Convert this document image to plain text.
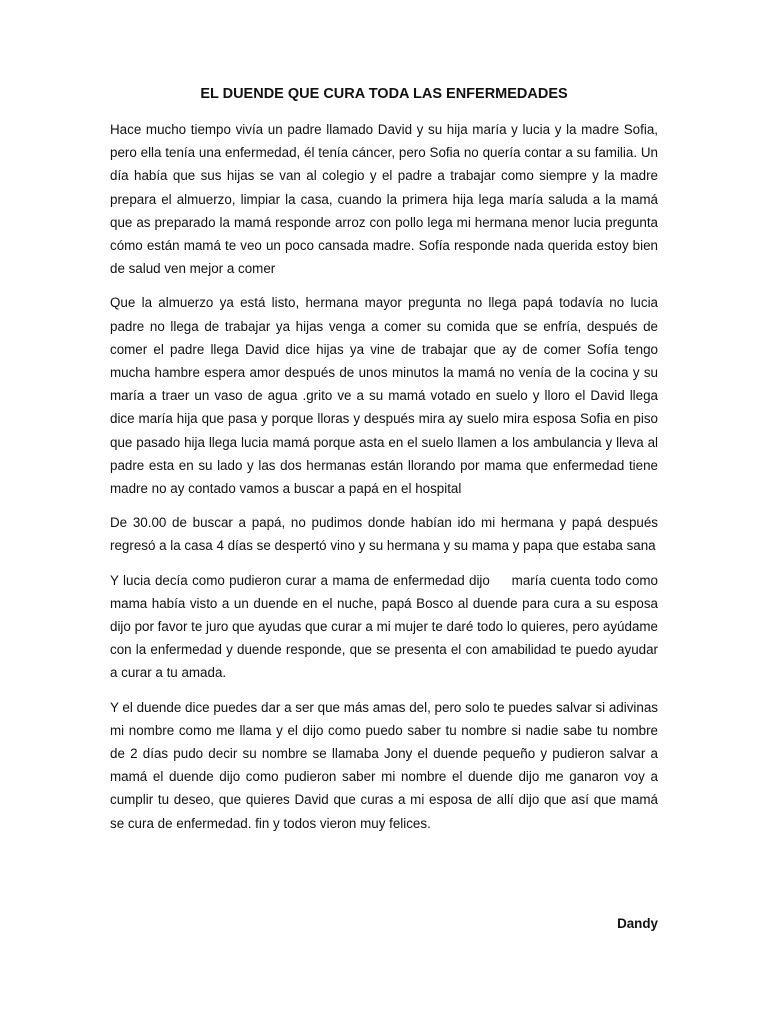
EL DUENDE QUE CURA TODA LAS ENFERMEDADES

Hace mucho tiempo vivía un padre llamado David y su hija maría y lucia y la madre Sofia, pero ella tenía una enfermedad, él tenía cáncer, pero Sofia no quería contar a su familia. Un día había que sus hijas se van al colegio y el padre a trabajar como siempre y la madre prepara el almuerzo, limpiar la casa, cuando la primera hija lega maría saluda a la mamá que as preparado la mamá responde arroz con pollo lega mi hermana menor lucia pregunta cómo están mamá te veo un poco cansada madre. Sofía responde nada querida estoy bien de salud ven mejor a comer

Que la almuerzo ya está listo, hermana mayor pregunta no llega papá todavía no lucia padre no llega de trabajar ya hijas venga a comer su comida que se enfría, después de comer el padre llega David dice hijas ya vine de trabajar que ay de comer Sofía tengo mucha hambre espera amor después de unos minutos la mamá no venía de la cocina y su maría a traer un vaso de agua .grito ve a su mamá votado en suelo y lloro el David llega dice maría hija que pasa y porque lloras y después mira ay suelo mira esposa Sofia en piso que pasado hija llega lucia mamá porque asta en el suelo llamen a los ambulancia y lleva al padre esta en su lado y las dos hermanas están llorando por mama que enfermedad tiene madre no ay contado vamos a buscar a papá en el hospital

De 30.00 de buscar a papá, no pudimos donde habían ido mi hermana y papá después regresó a la casa 4 días se despertó vino y su hermana y su mama y papa que estaba sana

Y lucia decía como pudieron curar a mama de enfermedad dijo     maría cuenta todo como mama había visto a un duende en el nuche, papá Bosco al duende para cura a su esposa dijo por favor te juro que ayudas que curar a mi mujer te daré todo lo quieres, pero ayúdame con la enfermedad y duende responde, que se presenta el con amabilidad te puedo ayudar a curar a tu amada.

Y el duende dice puedes dar a ser que más amas del, pero solo te puedes salvar si adivinas mi nombre como me llama y el dijo como puedo saber tu nombre si nadie sabe tu nombre de 2 días pudo decir su nombre se llamaba Jony el duende pequeño y pudieron salvar a mamá el duende dijo como pudieron saber mi nombre el duende dijo me ganaron voy a cumplir tu deseo, que quieres David que curas a mi esposa de allí dijo que así que mamá se cura de enfermedad. fin y todos vieron muy felices.

Dandy
